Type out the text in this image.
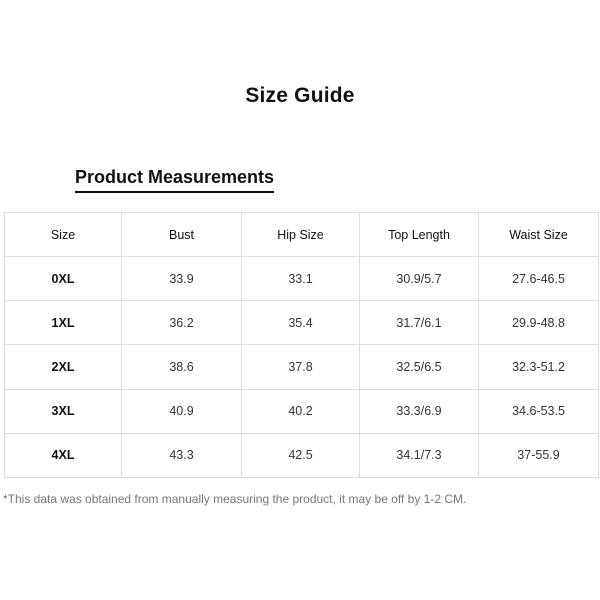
Size Guide
Product Measurements
Size	Bust	Hip Size	Top Length	Waist Size
0XL	33.9	33.1	30.9/5.7	27.6-46.5
1XL	36.2	35.4	31.7/6.1	29.9-48.8
2XL	38.6	37.8	32.5/6.5	32.3-51.2
3XL	40.9	40.2	33.3/6.9	34.6-53.5
4XL	43.3	42.5	34.1/7.3	37-55.9
*This data was obtained from manually measuring the product, it may be off by 1-2 CM.
